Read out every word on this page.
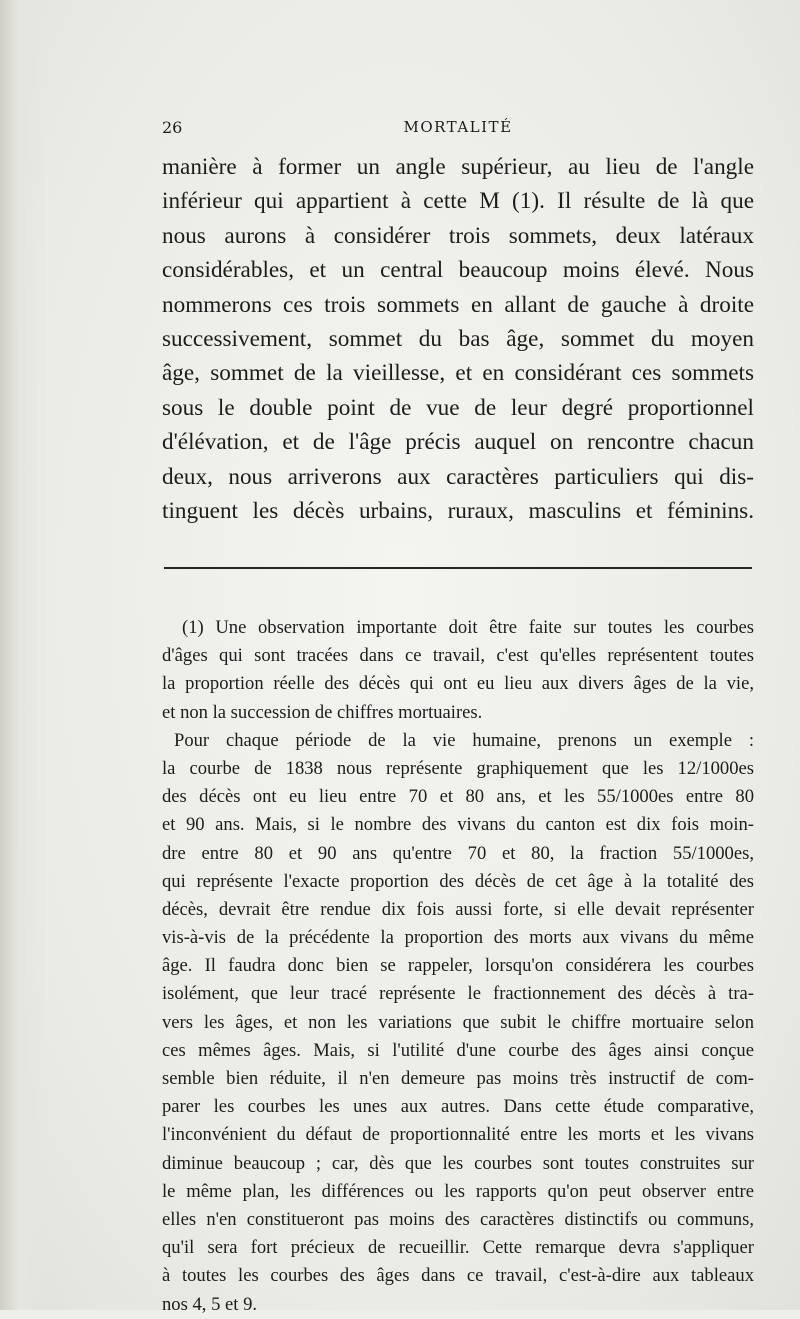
26	MORTALITÉ
manière à former un angle supérieur, au lieu de l'angle
inférieur qui appartient à cette M (1). Il résulte de là que
nous aurons à considérer trois sommets, deux latéraux
considérables, et un central beaucoup moins élevé. Nous
nommerons ces trois sommets en allant de gauche à droite
successivement, sommet du bas âge, sommet du moyen
âge, sommet de la vieillesse, et en considérant ces sommets
sous le double point de vue de leur degré proportionnel
d'élévation, et de l'âge précis auquel on rencontre chacun
deux, nous arriverons aux caractères particuliers qui dis-
tinguent les décès urbains, ruraux, masculins et féminins.
(1) Une observation importante doit être faite sur toutes les courbes
d'âges qui sont tracées dans ce travail, c'est qu'elles représentent toutes
la proportion réelle des décès qui ont eu lieu aux divers âges de la vie,
et non la succession de chiffres mortuaires.
Pour chaque période de la vie humaine, prenons un exemple :
la courbe de 1838 nous représente graphiquement que les 12/1000es
des décès ont eu lieu entre 70 et 80 ans, et les 55/1000es entre 80
et 90 ans. Mais, si le nombre des vivans du canton est dix fois moin-
dre entre 80 et 90 ans qu'entre 70 et 80, la fraction 55/1000es,
qui représente l'exacte proportion des décès de cet âge à la totalité des
décès, devrait être rendue dix fois aussi forte, si elle devait représenter
vis-à-vis de la précédente la proportion des morts aux vivans du même
âge. Il faudra donc bien se rappeler, lorsqu'on considérera les courbes
isolément, que leur tracé représente le fractionnement des décès à tra-
vers les âges, et non les variations que subit le chiffre mortuaire selon
ces mêmes âges. Mais, si l'utilité d'une courbe des âges ainsi conçue
semble bien réduite, il n'en demeure pas moins très instructif de com-
parer les courbes les unes aux autres. Dans cette étude comparative,
l'inconvénient du défaut de proportionnalité entre les morts et les vivans
diminue beaucoup ; car, dès que les courbes sont toutes construites sur
le même plan, les différences ou les rapports qu'on peut observer entre
elles n'en constitueront pas moins des caractères distinctifs ou communs,
qu'il sera fort précieux de recueillir. Cette remarque devra s'appliquer
à toutes les courbes des âges dans ce travail, c'est-à-dire aux tableaux
nos 4, 5 et 9.
